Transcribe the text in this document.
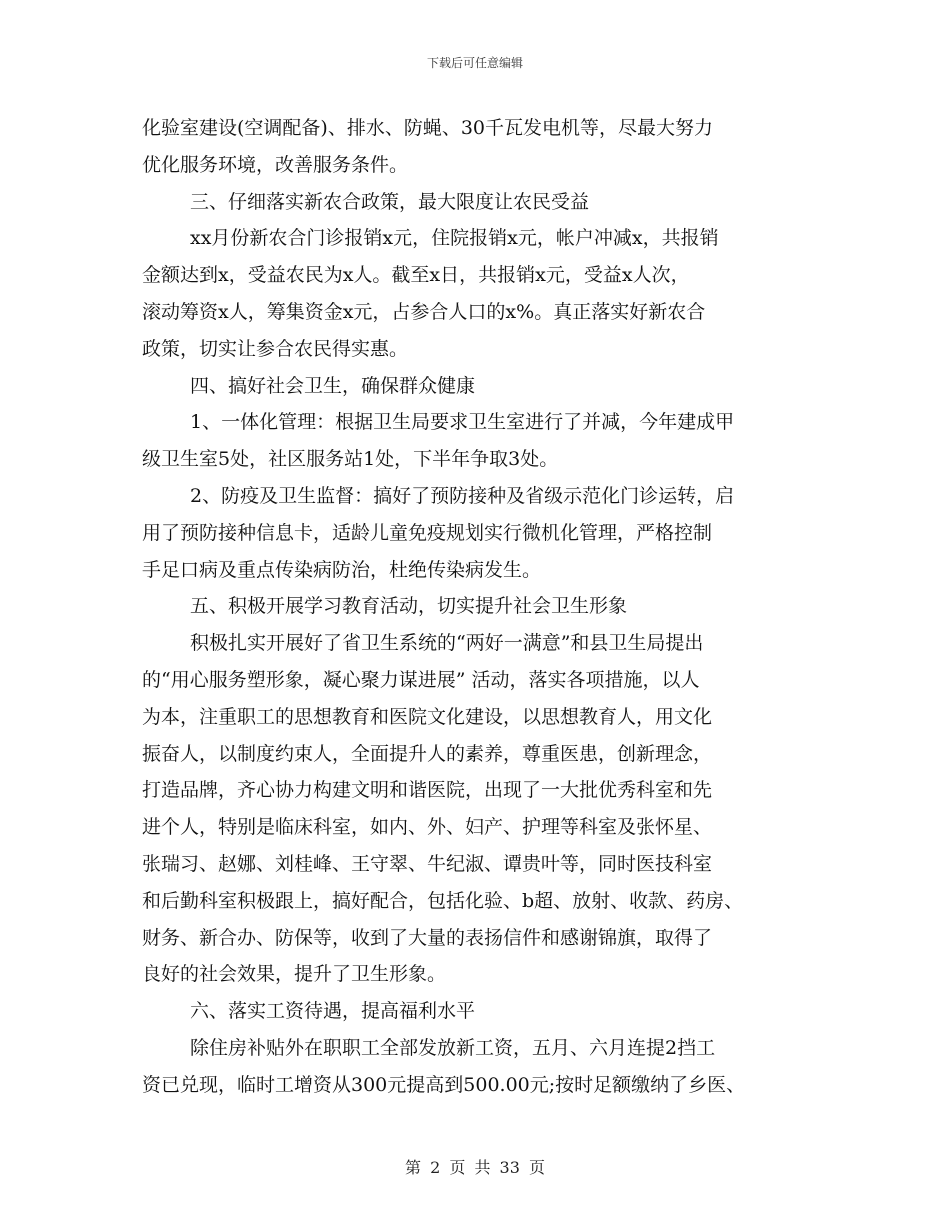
下载后可任意编辑
化验室建设(空调配备)、排水、防蝇、30千瓦发电机等，尽最大努力
优化服务环境，改善服务条件。
三、仔细落实新农合政策，最大限度让农民受益
xx月份新农合门诊报销x元，住院报销x元，帐户冲减x，共报销
金额达到x，受益农民为x人。截至x日，共报销x元，受益x人次，
滚动筹资x人，筹集资金x元，占参合人口的x%。真正落实好新农合
政策，切实让参合农民得实惠。
四、搞好社会卫生，确保群众健康
1、一体化管理：根据卫生局要求卫生室进行了并减，今年建成甲
级卫生室5处，社区服务站1处，下半年争取3处。
2、防疫及卫生监督：搞好了预防接种及省级示范化门诊运转，启
用了预防接种信息卡，适龄儿童免疫规划实行微机化管理，严格控制
手足口病及重点传染病防治，杜绝传染病发生。
五、积极开展学习教育活动，切实提升社会卫生形象
积极扎实开展好了省卫生系统的“两好一满意”和县卫生局提出
的“用心服务塑形象，凝心聚力谋进展” 活动，落实各项措施，以人
为本，注重职工的思想教育和医院文化建设，以思想教育人，用文化
振奋人，以制度约束人，全面提升人的素养，尊重医患，创新理念，
打造品牌，齐心协力构建文明和谐医院，出现了一大批优秀科室和先
进个人，特别是临床科室，如内、外、妇产、护理等科室及张怀星、
张瑞习、赵娜、刘桂峰、王守翠、牛纪淑、谭贵叶等，同时医技科室
和后勤科室积极跟上，搞好配合，包括化验、b超、放射、收款、药房、
财务、新合办、防保等，收到了大量的表扬信件和感谢锦旗，取得了
良好的社会效果，提升了卫生形象。
六、落实工资待遇，提高福利水平
除住房补贴外在职职工全部发放新工资，五月、六月连提2挡工
资已兑现，临时工增资从300元提高到500.00元;按时足额缴纳了乡医、
第 2 页 共 33 页
